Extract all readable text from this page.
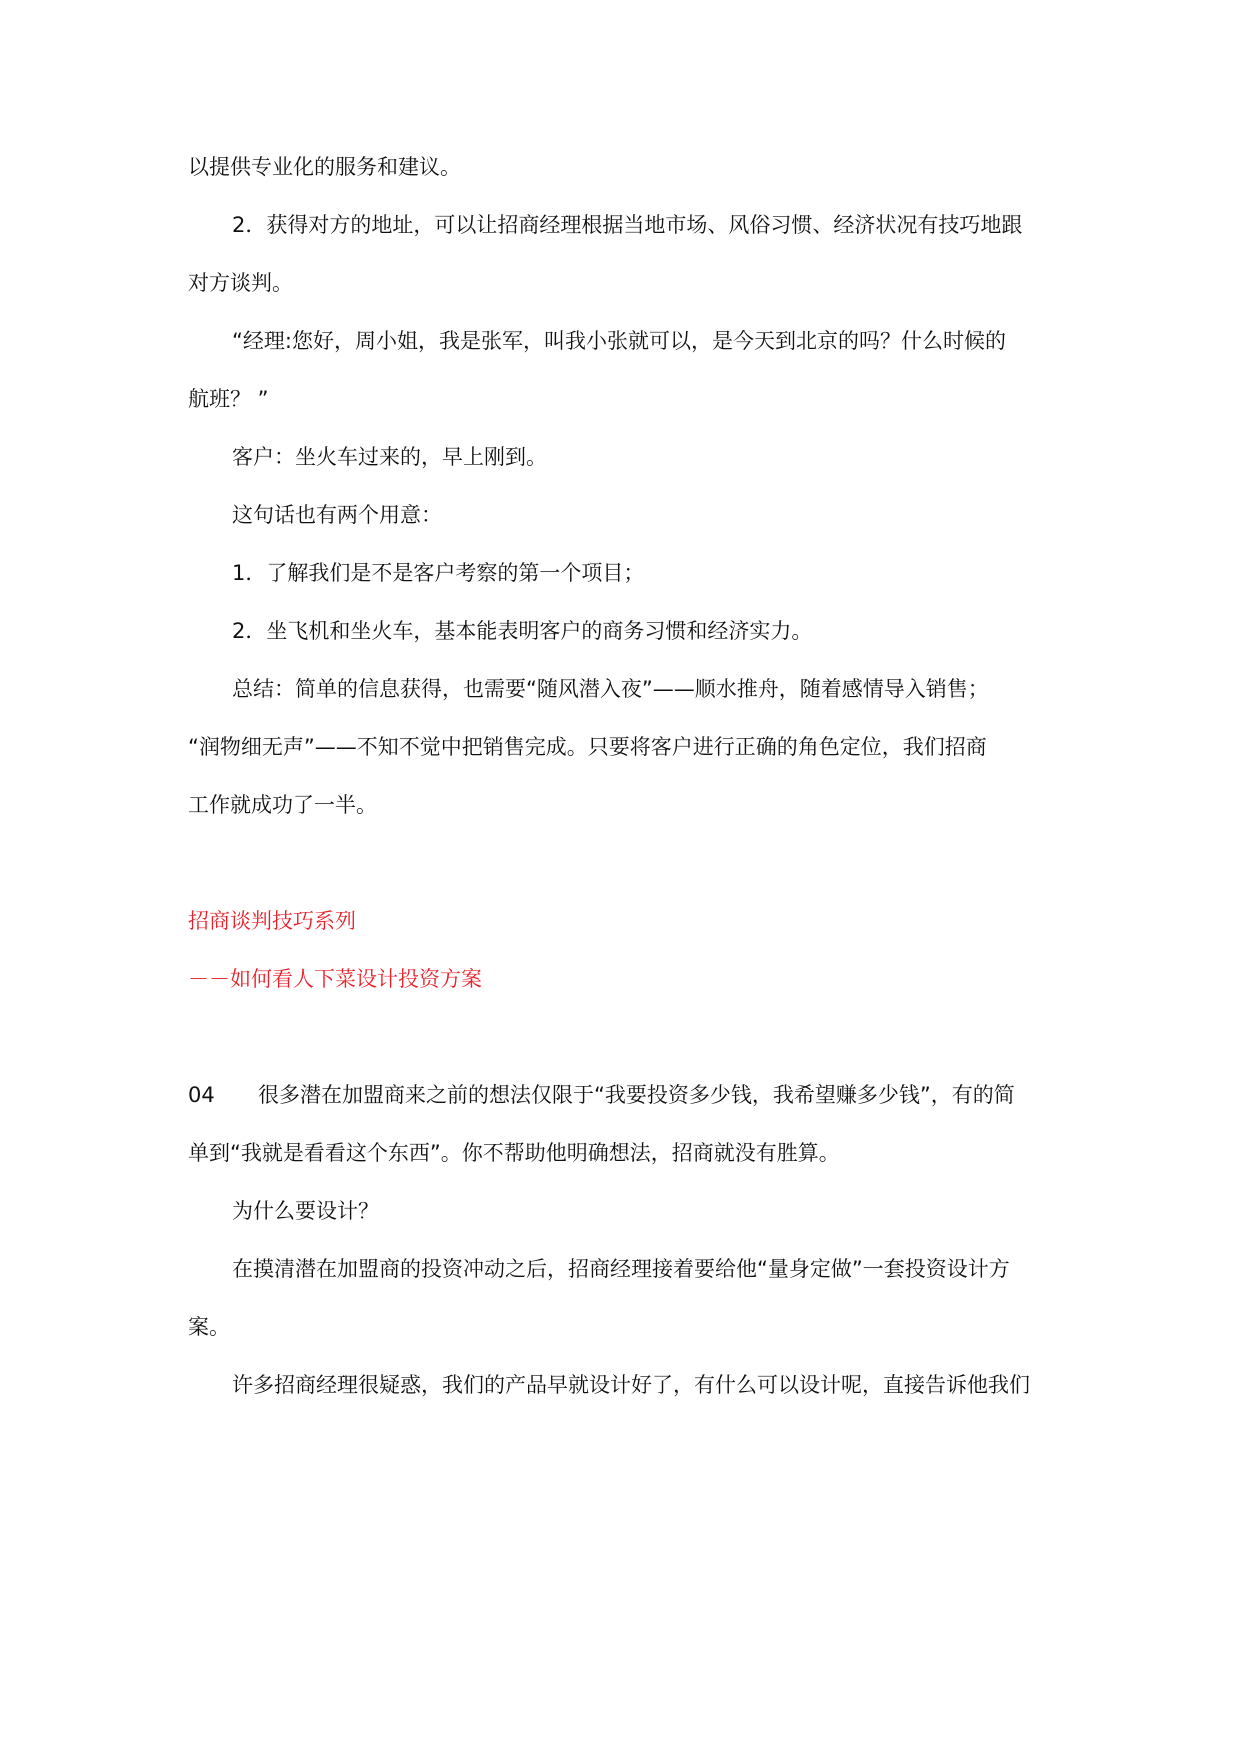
以提供专业化的服务和建议。
2．获得对方的地址，可以让招商经理根据当地市场、风俗习惯、经济状况有技巧地跟
对方谈判。
“经理:您好，周小姐，我是张军，叫我小张就可以，是今天到北京的吗？什么时候的
航班？ ”
客户：坐火车过来的，早上刚到。
这句话也有两个用意：
1．了解我们是不是客户考察的第一个项目；
2．坐飞机和坐火车，基本能表明客户的商务习惯和经济实力。
总结：简单的信息获得，也需要“随风潜入夜”——顺水推舟，随着感情导入销售；
“润物细无声”——不知不觉中把销售完成。只要将客户进行正确的角色定位，我们招商
工作就成功了一半。
招商谈判技巧系列
－－如何看人下菜设计投资方案
04 很多潜在加盟商来之前的想法仅限于“我要投资多少钱，我希望赚多少钱”，有的简
单到“我就是看看这个东西”。你不帮助他明确想法，招商就没有胜算。
为什么要设计？
在摸清潜在加盟商的投资冲动之后，招商经理接着要给他“量身定做”一套投资设计方
案。
许多招商经理很疑惑，我们的产品早就设计好了，有什么可以设计呢，直接告诉他我们
